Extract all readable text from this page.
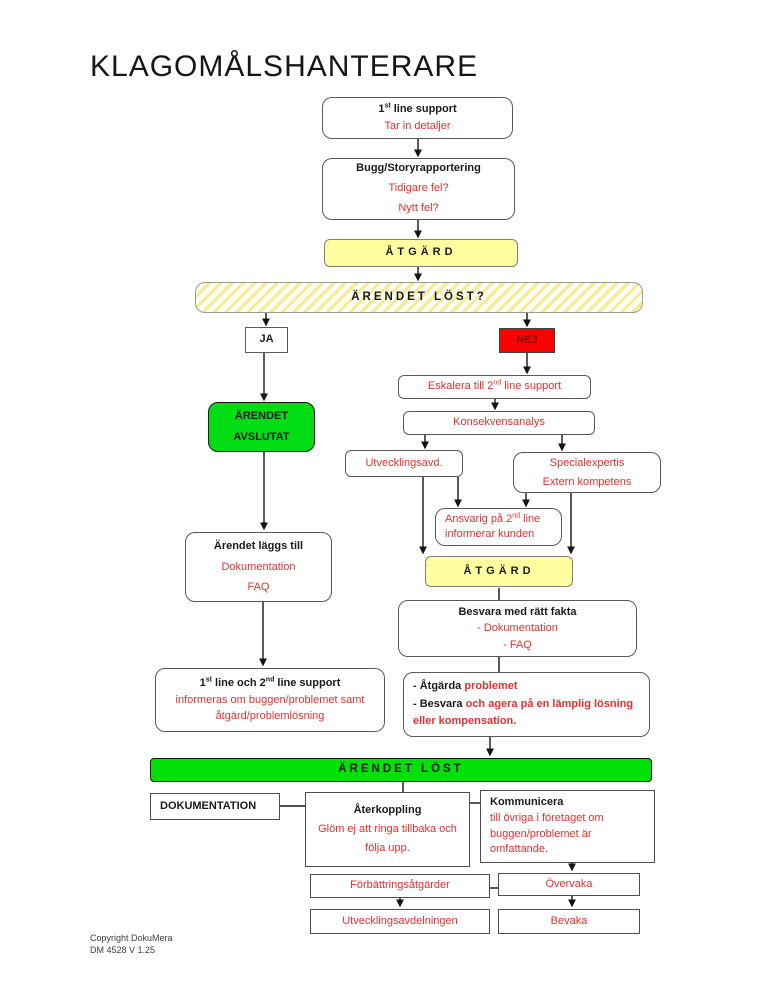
KLAGOMÅLSHANTERARE
1st line support
Tar in detaljer
Bugg/Storyrapportering
Tidigare fel?
Nytt fel?
ÅTGÄRD
ÄRENDET LÖST?
JA	NEJ
ÄRENDET
AVSLUTAT
Ärendet läggs till
Dokumentation
FAQ
1st line och 2nd line support
informeras om buggen/problemet samt
åtgärd/problemlösning
Eskalera till 2nd line support
Konsekvensanalys
Utvecklingsavd.	Specialexpertis
Extern kompetens
Ansvarig på 2nd line
informerar kunden
ÅTGÄRD
Besvara med rätt fakta
- Dokumentation
- FAQ
- Åtgärda problemet
- Besvara och agera på en lämplig lösning
eller kompensation.
ÄRENDET LÖST
DOKUMENTATION	Återkoppling
Glöm ej att ringa tillbaka och
följa upp.
Kommunicera
till övriga i företaget om
buggen/problemet är
omfattande.
Förbättringsåtgärder	Övervaka
Utvecklingsavdelningen	Bevaka
Copyright DokuMera
DM 4528 V 1.25
